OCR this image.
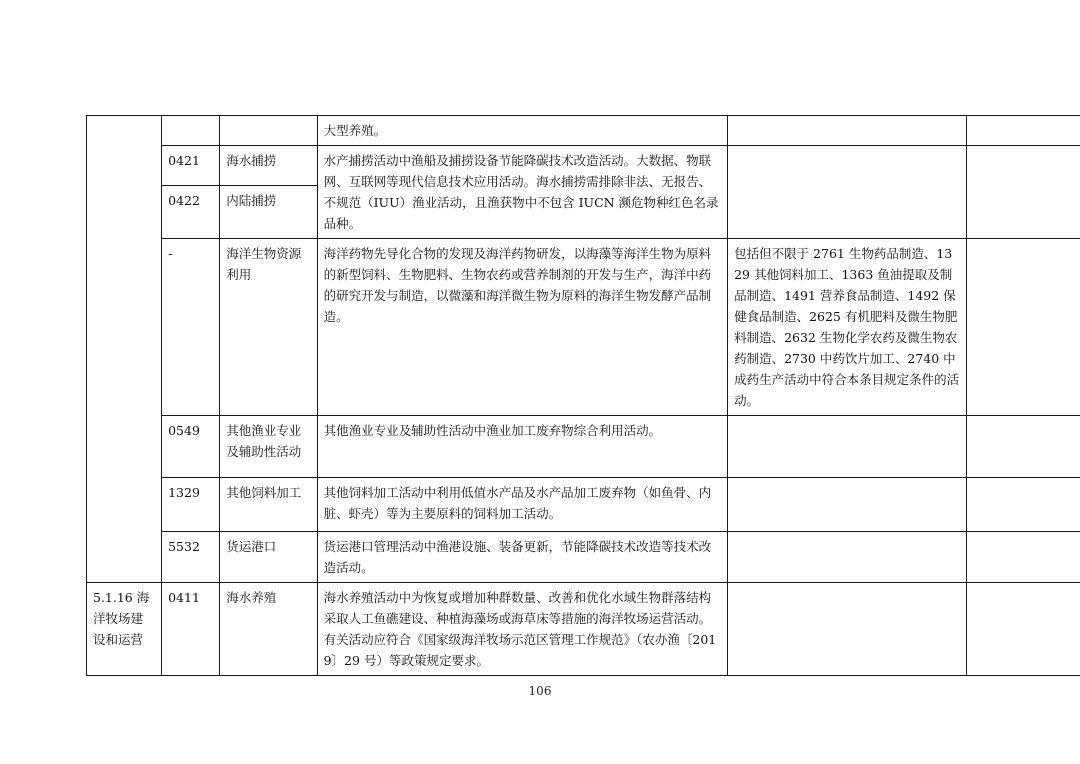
			大型养殖。		
	0421	海水捕捞	水产捕捞活动中渔船及捕捞设备节能降碳技术改造活动。大数据、物联网、互联网等现代信息技术应用活动。海水捕捞需排除非法、无报告、不规范（IUU）渔业活动，且渔获物中不包含 IUCN 濒危物种红色名录品种。		
	0422	内陆捕捞			
	-	海洋生物资源利用	海洋药物先导化合物的发现及海洋药物研发，以海藻等海洋生物为原料的新型饲料、生物肥料、生物农药或营养制剂的开发与生产，海洋中药的研究开发与制造，以微藻和海洋微生物为原料的海洋生物发酵产品制造。	包括但不限于 2761 生物药品制造、1329 其他饲料加工、1363 鱼油提取及制品制造、1491 营养食品制造、1492 保健食品制造、2625 有机肥料及微生物肥料制造、2632 生物化学农药及微生物农药制造、2730 中药饮片加工、2740 中成药生产活动中符合本条目规定条件的活动。	
	0549	其他渔业专业及辅助性活动	其他渔业专业及辅助性活动中渔业加工废弃物综合利用活动。		
	1329	其他饲料加工	其他饲料加工活动中利用低值水产品及水产品加工废弃物（如鱼骨、内脏、虾壳）等为主要原料的饲料加工活动。		
	5532	货运港口	货运港口管理活动中渔港设施、装备更新，节能降碳技术改造等技术改造活动。		
5.1.16 海洋牧场建设和运营	0411	海水养殖	海水养殖活动中为恢复或增加种群数量、改善和优化水域生物群落结构采取人工鱼礁建设、种植海藻场或海草床等措施的海洋牧场运营活动。有关活动应符合《国家级海洋牧场示范区管理工作规范》（农办渔〔2019〕29 号）等政策规定要求。		
106
